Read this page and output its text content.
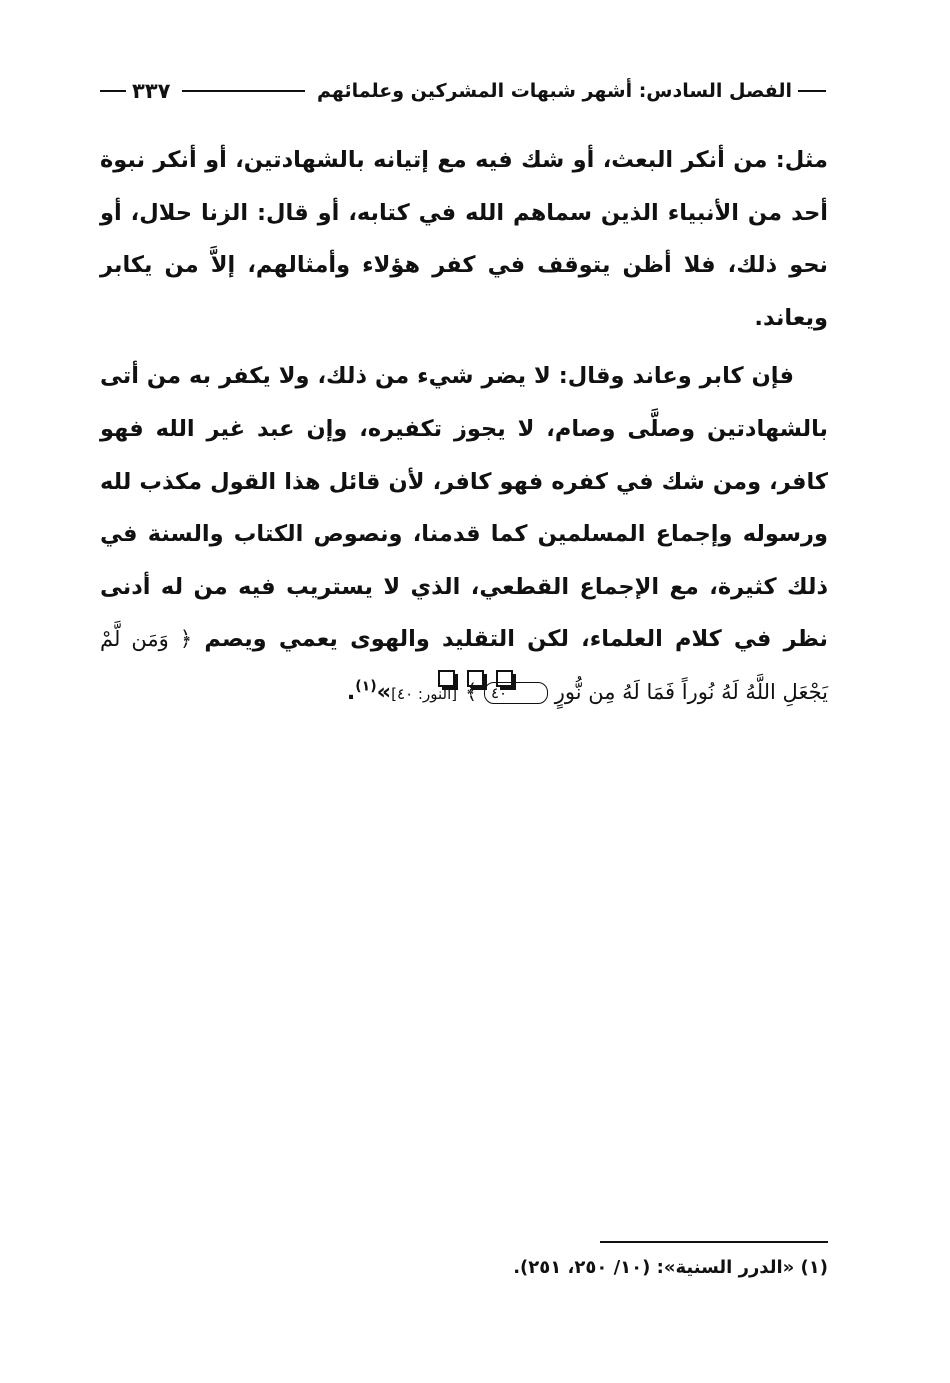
الفصل السادس: أشهر شبهات المشركين وعلمائهم
٣٣٧

مثل: من أنكر البعث، أو شك فيه مع إتيانه بالشهادتين، أو أنكر نبوة أحد من الأنبياء الذين سماهم الله في كتابه، أو قال: الزنا حلال، أو نحو ذلك، فلا أظن يتوقف في كفر هؤلاء وأمثالهم، إلاَّ من يكابر ويعاند.

فإن كابر وعاند وقال: لا يضر شيء من ذلك، ولا يكفر به من أتى بالشهادتين وصلَّى وصام، لا يجوز تكفيره، وإن عبد غير الله فهو كافر، ومن شك في كفره فهو كافر، لأن قائل هذا القول مكذب لله ورسوله وإجماع المسلمين كما قدمنا، ونصوص الكتاب والسنة في ذلك كثيرة، مع الإجماع القطعي، الذي لا يستريب فيه من له أدنى نظر في كلام العلماء، لكن التقليد والهوى يعمي ويصم ﴿ وَمَن لَّمْ يَجْعَلِ اللَّهُ لَهُ نُوراً فَمَا لَهُ مِن نُّورٍ ٤٠ ﴾ [النور: ٤٠]»$^{(١)}$.

(١) «الدرر السنية»: (١٠/ ٢٥٠، ٢٥١).
